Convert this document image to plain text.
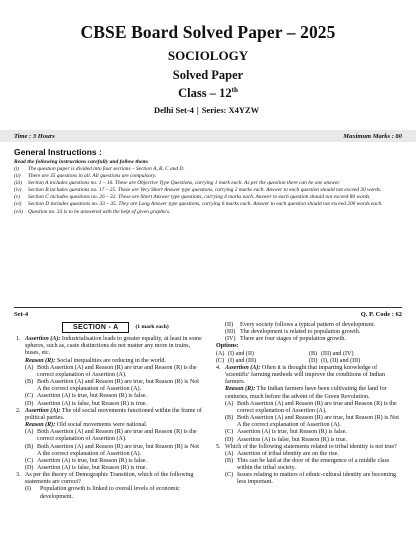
CBSE Board Solved Paper – 2025
SOCIOLOGY
Solved Paper
Class – 12th
Delhi Set-4 | Series: X4YZW
Time : 3 Hours	Maximum Marks : 80
General Instructions :
Read the following instructions carefully and follow them:
(i)	The question paper is divided into four sections – Section A, B, C and D.
(ii)	There are 35 questions in all. All questions are compulsory.
(iii)	Section A includes questions no. 1 – 16. These are Objective Type Questions, carrying 1 mark each. As per the question there can be one answer.
(iv)	Section B includes questions no. 17 – 25. These are Very Short Answer type questions, carrying 2 marks each. Answer to each question should not exceed 30 words.
(v)	Section C includes questions no. 26 – 32. These are Short Answer type questions, carrying 4 marks each. Answer to each question should not exceed 80 words.
(vi)	Section D includes questions no. 33 – 35. They are Long Answer type questions, carrying 6 marks each. Answer to each question should not exceed 200 words each.
(vii) Question no. 33 is to be answered with the help of given graphics.
Set-4	Q. P. Code : 62
SECTION - A	(1 mark each)
1. Assertion (A): Industrialisation leads to greater equality, at least in some spheres, such as, caste distinctions do not matter any more in trains, buses, etc.
Reason (R): Social inequalities are reducing in the world.
(A) Both Assertion (A) and Reason (R) are true and Reason (R) is the correct explanation of Assertion (A).
(B) Both Assertion (A) and Reason (R) are true, but Reason (R) is Not A the correct explanation of Assertion (A).
(C) Assertion (A) is true, but Reason (R) is false.
(D) Assertion (A) is false, but Reason (R) is true.
2. Assertion (A): The old social movements functioned within the frame of political parties.
Reason (R): Old social movements were national.
(A) Both Assertion (A) and Reason (R) are true and Reason (R) is the correct explanation of Assertion (A).
(B) Both Assertion (A) and Reason (R) are true, but Reason (R) is Not A the correct explanation of Assertion (A).
(C) Assertion (A) is true, but Reason (R) is false.
(D) Assertion (A) is false, but Reason (R) is true.
3. As per the theory of Demographic Transition, which of the following statements are correct?
(I)	Population growth is linked to overall levels of economic development.
(II)	Every society follows a typical pattern of development.
(III) The development is related to population growth.
(IV) There are four stages of population growth.
Options:
(A) (I) and (II)	(B) (III) and (IV)
(C) (I) and (III)	(D) (I), (II) and (III)
4. Assertion (A): Often it is thought that imparting knowledge of 'scientific' farming methods will improve the conditions of Indian farmers.
Reason (R): The Indian farmers have been cultivating the land for centuries, much before the advent of the Green Revolution.
(A) Both Assertion (A) and Reason (R) are true and Reason (R) is the correct explanation of Assertion (A).
(B) Both Assertion (A) and Reason (R) are true, but Reason (R) is Not A the correct explanation of Assertion (A).
(C) Assertion (A) is true, but Reason (R) is false.
(D) Assertion (A) is false, but Reason (R) is true.
5. Which of the following statements related to tribal identity is not true?
(A) Assertion of tribal identity are on the rise.
(B) This can be laid at the door of the emergence of a middle class within the tribal society.
(C) Issues relating to matters of ethnic-cultural identity are becoming less important.
